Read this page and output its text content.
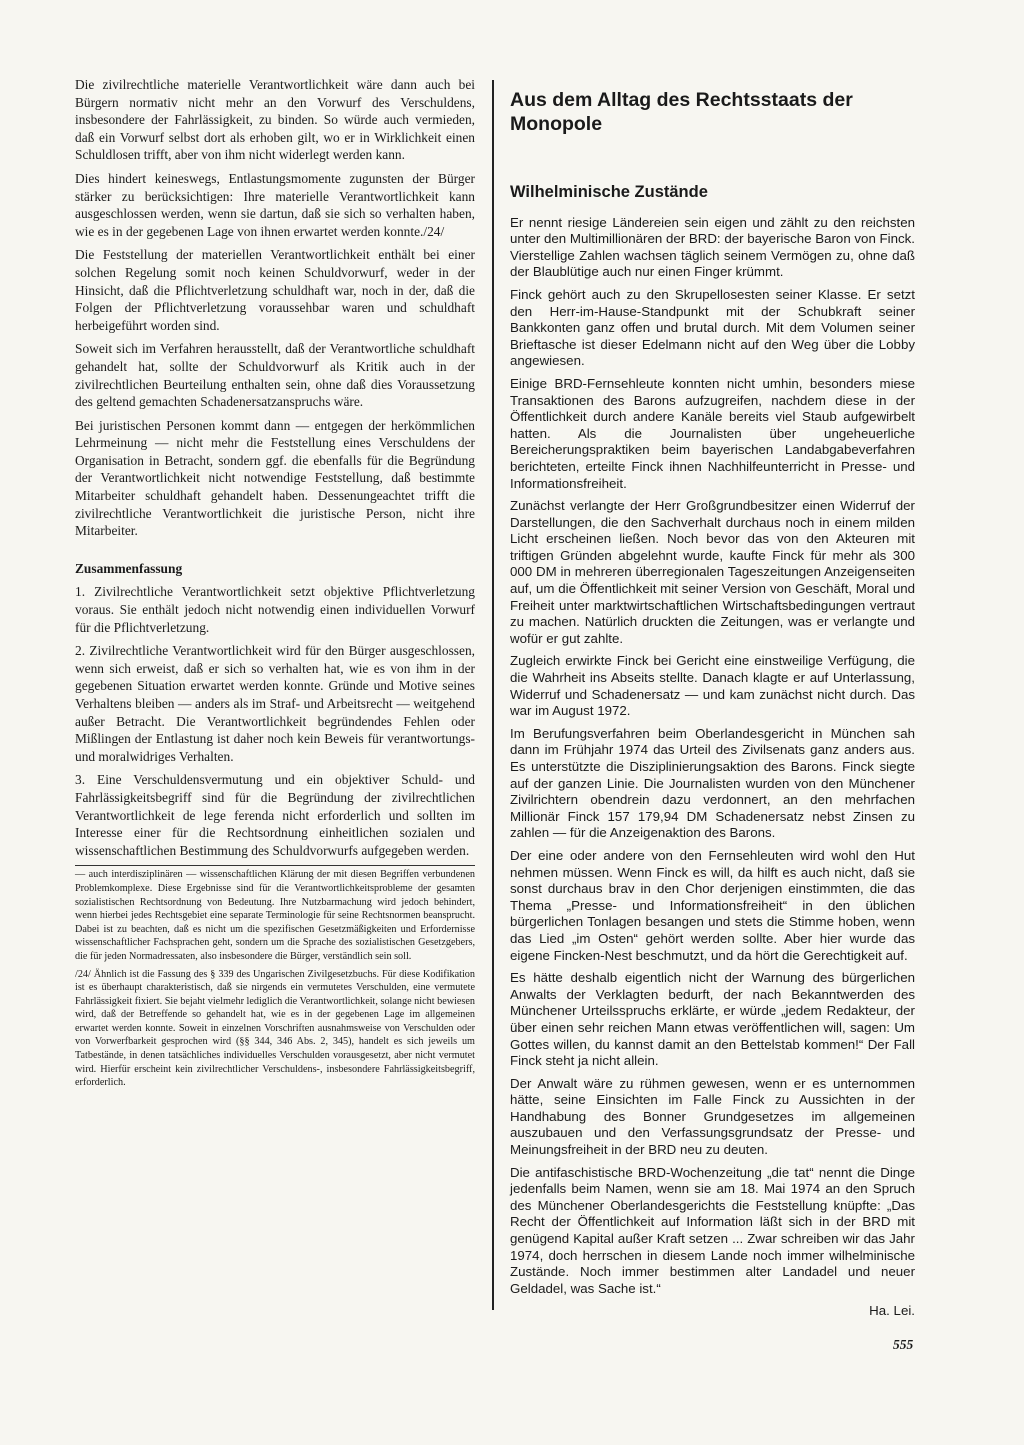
Die zivilrechtliche materielle Verantwortlichkeit wäre dann auch bei Bürgern normativ nicht mehr an den Vorwurf des Verschuldens, insbesondere der Fahrlässigkeit, zu binden. So würde auch vermieden, daß ein Vorwurf selbst dort als erhoben gilt, wo er in Wirklichkeit einen Schuldlosen trifft, aber von ihm nicht widerlegt werden kann.

Dies hindert keineswegs, Entlastungsmomente zugunsten der Bürger stärker zu berücksichtigen: Ihre materielle Verantwortlichkeit kann ausgeschlossen werden, wenn sie dartun, daß sie sich so verhalten haben, wie es in der gegebenen Lage von ihnen erwartet werden konnte./24/

Die Feststellung der materiellen Verantwortlichkeit enthält bei einer solchen Regelung somit noch keinen Schuldvorwurf, weder in der Hinsicht, daß die Pflichtverletzung schuldhaft war, noch in der, daß die Folgen der Pflichtverletzung voraussehbar waren und schuldhaft herbeigeführt worden sind.

Soweit sich im Verfahren herausstellt, daß der Verantwortliche schuldhaft gehandelt hat, sollte der Schuldvorwurf als Kritik auch in der zivilrechtlichen Beurteilung enthalten sein, ohne daß dies Voraussetzung des geltend gemachten Schadenersatzanspruchs wäre.

Bei juristischen Personen kommt dann — entgegen der herkömmlichen Lehrmeinung — nicht mehr die Feststellung eines Verschuldens der Organisation in Betracht, sondern ggf. die ebenfalls für die Begründung der Verantwortlichkeit nicht notwendige Feststellung, daß bestimmte Mitarbeiter schuldhaft gehandelt haben. Dessenungeachtet trifft die zivilrechtliche Verantwortlichkeit die juristische Person, nicht ihre Mitarbeiter.

Zusammenfassung

1. Zivilrechtliche Verantwortlichkeit setzt objektive Pflichtverletzung voraus. Sie enthält jedoch nicht notwendig einen individuellen Vorwurf für die Pflichtverletzung.

2. Zivilrechtliche Verantwortlichkeit wird für den Bürger ausgeschlossen, wenn sich erweist, daß er sich so verhalten hat, wie es von ihm in der gegebenen Situation erwartet werden konnte. Gründe und Motive seines Verhaltens bleiben — anders als im Straf- und Arbeitsrecht — weitgehend außer Betracht. Die Verantwortlichkeit begründendes Fehlen oder Mißlingen der Entlastung ist daher noch kein Beweis für verantwortungs- und moralwidriges Verhalten.

3. Eine Verschuldensvermutung und ein objektiver Schuld- und Fahrlässigkeitsbegriff sind für die Begründung der zivilrechtlichen Verantwortlichkeit de lege ferenda nicht erforderlich und sollten im Interesse einer für die Rechtsordnung einheitlichen sozialen und wissenschaftlichen Bestimmung des Schuldvorwurfs aufgegeben werden.

— auch interdisziplinären — wissenschaftlichen Klärung der mit diesen Begriffen verbundenen Problemkomplexe. Diese Ergebnisse sind für die Verantwortlichkeitsprobleme der gesamten sozialistischen Rechtsordnung von Bedeutung. Ihre Nutzbarmachung wird jedoch behindert, wenn hierbei jedes Rechtsgebiet eine separate Terminologie für seine Rechtsnormen beansprucht. Dabei ist zu beachten, daß es nicht um die spezifischen Gesetzmäßigkeiten und Erfordernisse wissenschaftlicher Fachsprachen geht, sondern um die Sprache des sozialistischen Gesetzgebers, die für jeden Normadressaten, also insbesondere die Bürger, verständlich sein soll.

/24/ Ähnlich ist die Fassung des § 339 des Ungarischen Zivilgesetzbuchs. Für diese Kodifikation ist es überhaupt charakteristisch, daß sie nirgends ein vermutetes Verschulden, eine vermutete Fahrlässigkeit fixiert. Sie bejaht vielmehr lediglich die Verantwortlichkeit, solange nicht bewiesen wird, daß der Betreffende so gehandelt hat, wie es in der gegebenen Lage im allgemeinen erwartet werden konnte. Soweit in einzelnen Vorschriften ausnahmsweise von Verschulden oder von Vorwerfbarkeit gesprochen wird (§§ 344, 346 Abs. 2, 345), handelt es sich jeweils um Tatbestände, in denen tatsächliches individuelles Verschulden vorausgesetzt, aber nicht vermutet wird. Hierfür erscheint kein zivilrechtlicher Verschuldens-, insbesondere Fahrlässigkeitsbegriff, erforderlich.

Aus dem Alltag des Rechtsstaats der Monopole
Wilhelminische Zustände

Er nennt riesige Ländereien sein eigen und zählt zu den reichsten unter den Multimillionären der BRD: der bayerische Baron von Finck. Vierstellige Zahlen wachsen täglich seinem Vermögen zu, ohne daß der Blaublütige auch nur einen Finger krümmt.

Finck gehört auch zu den Skrupellosesten seiner Klasse. Er setzt den Herr-im-Hause-Standpunkt mit der Schubkraft seiner Bankkonten ganz offen und brutal durch. Mit dem Volumen seiner Brieftasche ist dieser Edelmann nicht auf den Weg über die Lobby angewiesen.

Einige BRD-Fernsehleute konnten nicht umhin, besonders miese Transaktionen des Barons aufzugreifen, nachdem diese in der Öffentlichkeit durch andere Kanäle bereits viel Staub aufgewirbelt hatten. Als die Journalisten über ungeheuerliche Bereicherungspraktiken beim bayerischen Landabgabeverfahren berichteten, erteilte Finck ihnen Nachhilfeunterricht in Presse- und Informationsfreiheit.

Zunächst verlangte der Herr Großgrundbesitzer einen Widerruf der Darstellungen, die den Sachverhalt durchaus noch in einem milden Licht erscheinen ließen. Noch bevor das von den Akteuren mit triftigen Gründen abgelehnt wurde, kaufte Finck für mehr als 300 000 DM in mehreren überregionalen Tageszeitungen Anzeigenseiten auf, um die Öffentlichkeit mit seiner Version von Geschäft, Moral und Freiheit unter marktwirtschaftlichen Wirtschaftsbedingungen vertraut zu machen. Natürlich druckten die Zeitungen, was er verlangte und wofür er gut zahlte.

Zugleich erwirkte Finck bei Gericht eine einstweilige Verfügung, die die Wahrheit ins Abseits stellte. Danach klagte er auf Unterlassung, Widerruf und Schadenersatz — und kam zunächst nicht durch. Das war im August 1972.

Im Berufungsverfahren beim Oberlandesgericht in München sah dann im Frühjahr 1974 das Urteil des Zivilsenats ganz anders aus. Es unterstützte die Disziplinierungsaktion des Barons. Finck siegte auf der ganzen Linie. Die Journalisten wurden von den Münchener Zivilrichtern obendrein dazu verdonnert, an den mehrfachen Millionär Finck 157 179,94 DM Schadenersatz nebst Zinsen zu zahlen — für die Anzeigenaktion des Barons.

Der eine oder andere von den Fernsehleuten wird wohl den Hut nehmen müssen. Wenn Finck es will, da hilft es auch nicht, daß sie sonst durchaus brav in den Chor derjenigen einstimmten, die das Thema „Presse- und Informationsfreiheit“ in den üblichen bürgerlichen Tonlagen besangen und stets die Stimme hoben, wenn das Lied „im Osten“ gehört werden sollte. Aber hier wurde das eigene Fincken-Nest beschmutzt, und da hört die Gerechtigkeit auf.

Es hätte deshalb eigentlich nicht der Warnung des bürgerlichen Anwalts der Verklagten bedurft, der nach Bekanntwerden des Münchener Urteilsspruchs erklärte, er würde „jedem Redakteur, der über einen sehr reichen Mann etwas veröffentlichen will, sagen: Um Gottes willen, du kannst damit an den Bettelstab kommen!“ Der Fall Finck steht ja nicht allein.

Der Anwalt wäre zu rühmen gewesen, wenn er es unternommen hätte, seine Einsichten im Falle Finck zu Aussichten in der Handhabung des Bonner Grundgesetzes im allgemeinen auszubauen und den Verfassungsgrundsatz der Presse- und Meinungsfreiheit in der BRD neu zu deuten.

Die antifaschistische BRD-Wochenzeitung „die tat“ nennt die Dinge jedenfalls beim Namen, wenn sie am 18. Mai 1974 an den Spruch des Münchener Oberlandesgerichts die Feststellung knüpfte: „Das Recht der Öffentlichkeit auf Information läßt sich in der BRD mit genügend Kapital außer Kraft setzen ... Zwar schreiben wir das Jahr 1974, doch herrschen in diesem Lande noch immer wilhelminische Zustände. Noch immer bestimmen alter Landadel und neuer Geldadel, was Sache ist.“

Ha. Lei.

555
